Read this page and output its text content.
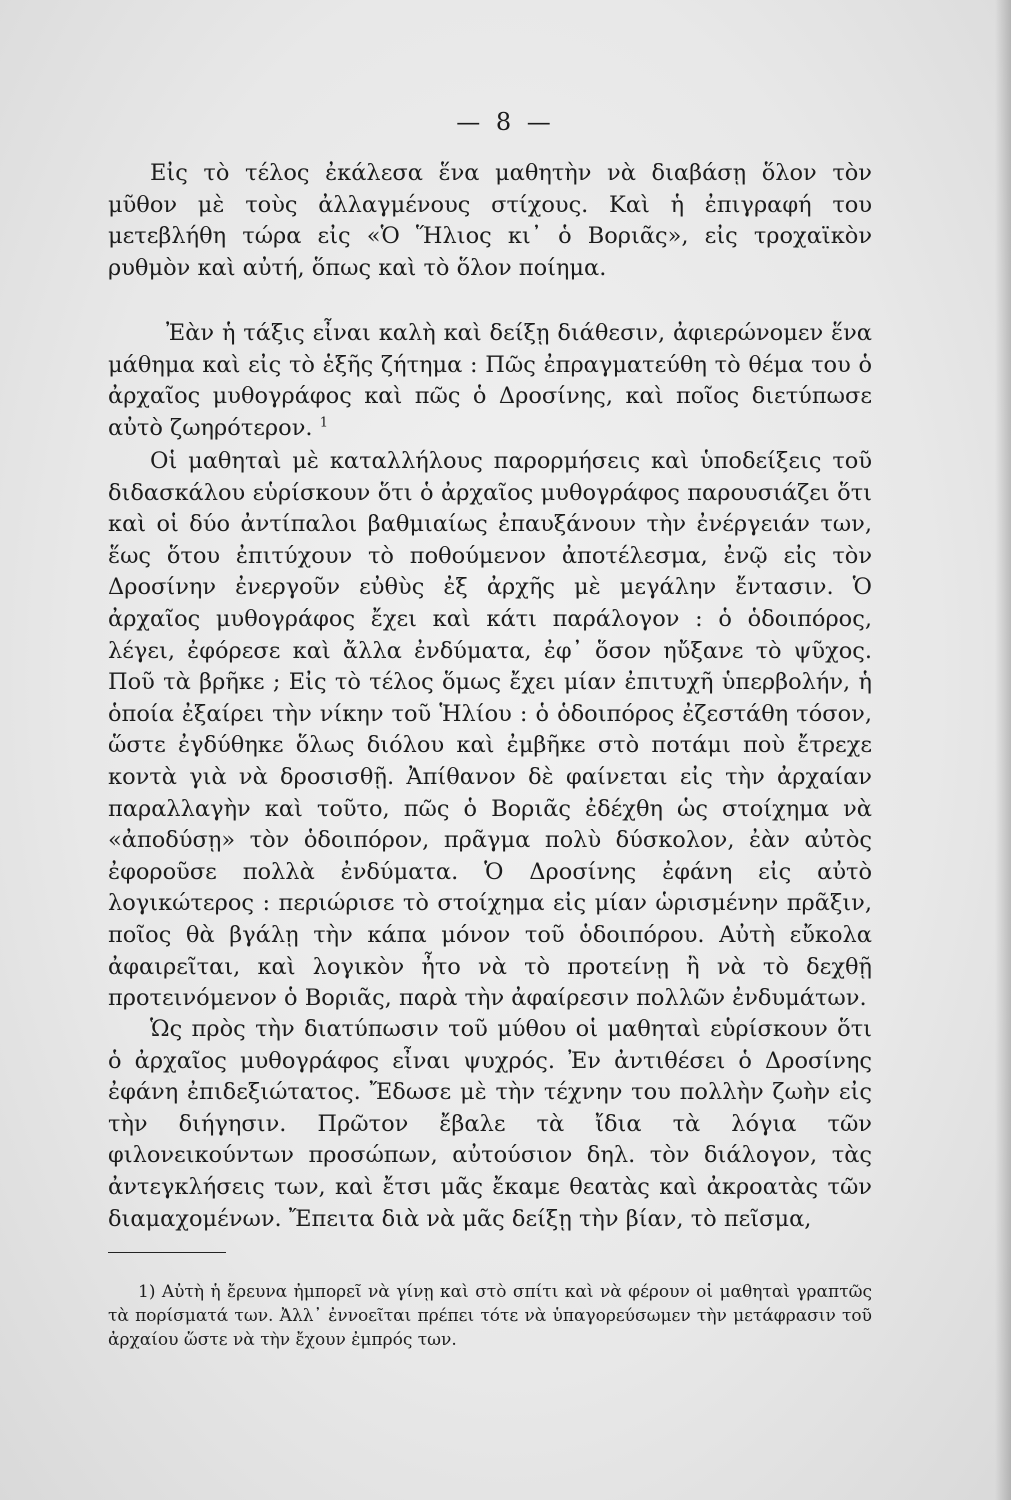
— 8 —

Εἰς τὸ τέλος ἐκάλεσα ἕνα μαθητὴν νὰ διαβάσῃ ὅλον τὸν μῦθον μὲ τοὺς ἀλλαγμένους στίχους. Καὶ ἡ ἐπιγραφή του μετεβλήθη τώρα εἰς «Ὁ Ἥλιος κι᾽ ὁ Βοριᾶς», εἰς τροχαϊκὸν ρυθμὸν καὶ αὐτή, ὅπως καὶ τὸ ὅλον ποίημα.

Ἐὰν ἡ τάξις εἶναι καλὴ καὶ δείξῃ διάθεσιν, ἀφιερώνομεν ἕνα μάθημα καὶ εἰς τὸ ἑξῆς ζήτημα : Πῶς ἐπραγματεύθη τὸ θέμα του ὁ ἀρχαῖος μυθογράφος καὶ πῶς ὁ Δροσίνης, καὶ ποῖος διετύπωσε αὐτὸ ζωηρότερον. $^1$

Οἱ μαθηταὶ μὲ καταλλήλους παρορμήσεις καὶ ὑποδείξεις τοῦ διδασκάλου εὑρίσκουν ὅτι ὁ ἀρχαῖος μυθογράφος παρουσιάζει ὅτι καὶ οἱ δύο ἀντίπαλοι βαθμιαίως ἐπαυξάνουν τὴν ἐνέργειάν των, ἕως ὅτου ἐπιτύχουν τὸ ποθούμενον ἀποτέλεσμα, ἐνῷ εἰς τὸν Δροσίνην ἐνεργοῦν εὐθὺς ἐξ ἀρχῆς μὲ μεγάλην ἔντασιν. Ὁ ἀρχαῖος μυθογράφος ἔχει καὶ κάτι παράλογον : ὁ ὁδοιπόρος, λέγει, ἐφόρεσε καὶ ἄλλα ἐνδύματα, ἐφ᾽ ὅσον ηὔξανε τὸ ψῦχος. Ποῦ τὰ βρῆκε ; Εἰς τὸ τέλος ὅμως ἔχει μίαν ἐπιτυχῆ ὑπερβολήν, ἡ ὁποία ἐξαίρει τὴν νίκην τοῦ Ἡλίου : ὁ ὁδοιπόρος ἐζεστάθη τόσον, ὥστε ἐγδύθηκε ὅλως διόλου καὶ ἐμβῆκε στὸ ποτάμι ποὺ ἔτρεχε κοντὰ γιὰ νὰ δροσισθῇ. Ἀπίθανον δὲ φαίνεται εἰς τὴν ἀρχαίαν παραλλαγὴν καὶ τοῦτο, πῶς ὁ Βοριᾶς ἐδέχθη ὡς στοίχημα νὰ «ἀποδύσῃ» τὸν ὁδοιπόρον, πρᾶγμα πολὺ δύσκολον, ἐὰν αὐτὸς ἐφοροῦσε πολλὰ ἐνδύματα. Ὁ Δροσίνης ἐφάνη εἰς αὐτὸ λογικώτερος : περιώρισε τὸ στοίχημα εἰς μίαν ὡρισμένην πρᾶξιν, ποῖος θὰ βγάλῃ τὴν κάπα μόνον τοῦ ὁδοιπόρου. Αὐτὴ εὔκολα ἀφαιρεῖται, καὶ λογικὸν ἦτο νὰ τὸ προτείνῃ ἢ νὰ τὸ δεχθῇ προτεινόμενον ὁ Βοριᾶς, παρὰ τὴν ἀφαίρεσιν πολλῶν ἐνδυμάτων.

Ὡς πρὸς τὴν διατύπωσιν τοῦ μύθου οἱ μαθηταὶ εὑρίσκουν ὅτι ὁ ἀρχαῖος μυθογράφος εἶναι ψυχρός. Ἐν ἀντιθέσει ὁ Δροσίνης ἐφάνη ἐπιδεξιώτατος. Ἔδωσε μὲ τὴν τέχνην του πολλὴν ζωὴν εἰς τὴν διήγησιν. Πρῶτον ἔβαλε τὰ ἴδια τὰ λόγια τῶν φιλονεικούντων προσώπων, αὐτούσιον δηλ. τὸν διάλογον, τὰς ἀντεγκλήσεις των, καὶ ἔτσι μᾶς ἔκαμε θεατὰς καὶ ἀκροατὰς τῶν διαμαχομένων. Ἔπειτα διὰ νὰ μᾶς δείξῃ τὴν βίαν, τὸ πεῖσμα,

1) Αὐτὴ ἡ ἔρευνα ἠμπορεῖ νὰ γίνῃ καὶ στὸ σπίτι καὶ νὰ φέρουν οἱ μαθηταὶ γραπτῶς τὰ πορίσματά των. Ἀλλ᾽ ἐννοεῖται πρέπει τότε νὰ ὑπαγορεύσωμεν τὴν μετάφρασιν τοῦ ἀρχαίου ὥστε νὰ τὴν ἔχουν ἐμπρός των.
